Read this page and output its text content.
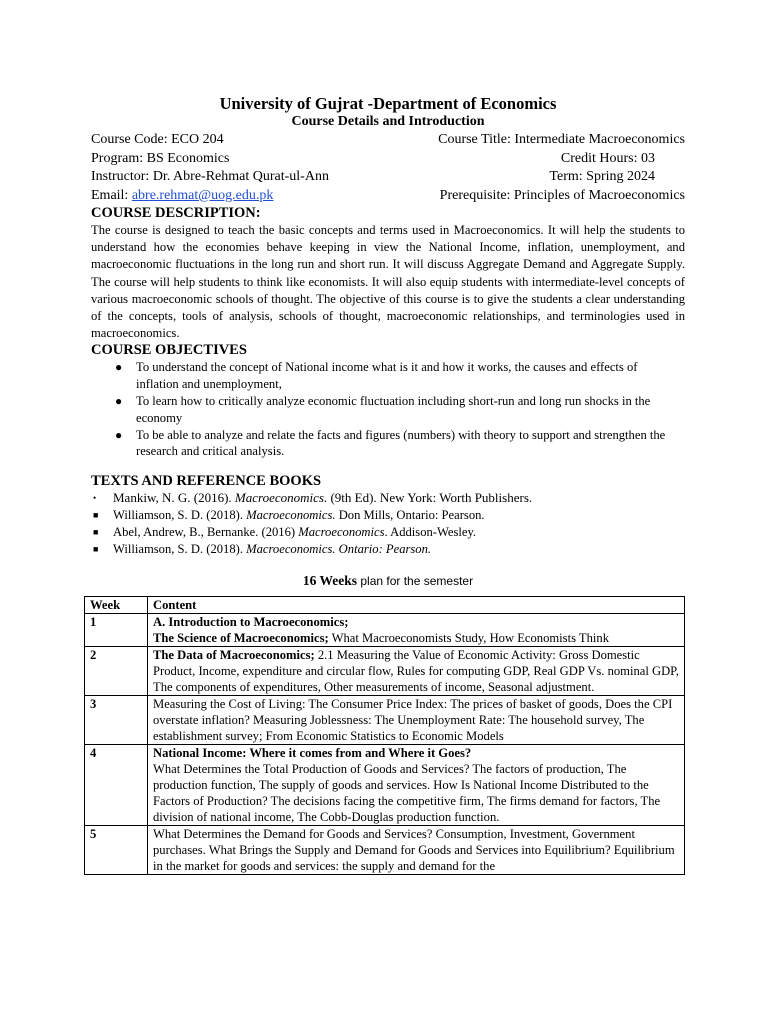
University of Gujrat -Department of Economics
Course Details and Introduction
Course Code: ECO 204	Course Title: Intermediate Macroeconomics
Program: BS Economics	Credit Hours: 03
Instructor: Dr. Abre-Rehmat Qurat-ul-Ann	Term: Spring 2024
Email: abre.rehmat@uog.edu.pk	Prerequisite: Principles of Macroeconomics
COURSE DESCRIPTION:

The course is designed to teach the basic concepts and terms used in Macroeconomics. It will help the students to understand how the economies behave keeping in view the National Income, inflation, unemployment, and macroeconomic fluctuations in the long run and short run. It will discuss Aggregate Demand and Aggregate Supply. The course will help students to think like economists. It will also equip students with intermediate-level concepts of various macroeconomic schools of thought. The objective of this course is to give the students a clear understanding of the concepts, tools of analysis, schools of thought, macroeconomic relationships, and terminologies used in macroeconomics.

COURSE OBJECTIVES
● To understand the concept of National income what is it and how it works, the causes and effects of inflation and unemployment,
● To learn how to critically analyze economic fluctuation including short-run and long run shocks in the economy
● To be able to analyze and relate the facts and figures (numbers) with theory to support and strengthen the research and critical analysis.
TEXTS AND REFERENCE BOOKS
• Mankiw, N. G. (2016). Macroeconomics. (9th Ed). New York: Worth Publishers.
■ Williamson, S. D. (2018). Macroeconomics. Don Mills, Ontario: Pearson.
■ Abel, Andrew, B., Bernanke. (2016) Macroeconomics. Addison-Wesley.
■ Williamson, S. D. (2018). Macroeconomics. Ontario: Pearson.
16 Weeks plan for the semester
Week	Content
1	A. Introduction to Macroeconomics;
The Science of Macroeconomics; What Macroeconomists Study, How Economists Think

2	The Data of Macroeconomics; 2.1 Measuring the Value of Economic Activity: Gross Domestic Product, Income, expenditure and circular flow, Rules for computing GDP, Real GDP Vs. nominal GDP, The components of expenditures, Other measurements of income, Seasonal adjustment.
3	Measuring the Cost of Living: The Consumer Price Index: The prices of basket of goods, Does the CPI overstate inflation? Measuring Joblessness: The Unemployment Rate: The household survey, The establishment survey; From Economic Statistics to Economic Models
4	National Income: Where it comes from and Where it Goes?
What Determines the Total Production of Goods and Services? The factors of production, The production function, The supply of goods and services. How Is National Income Distributed to the Factors of Production? The decisions facing the competitive firm, The firms demand for factors, The division of national income, The Cobb-Douglas production function.

5	What Determines the Demand for Goods and Services? Consumption, Investment, Government purchases. What Brings the Supply and Demand for Goods and Services into Equilibrium? Equilibrium in the market for goods and services: the supply and demand for the
